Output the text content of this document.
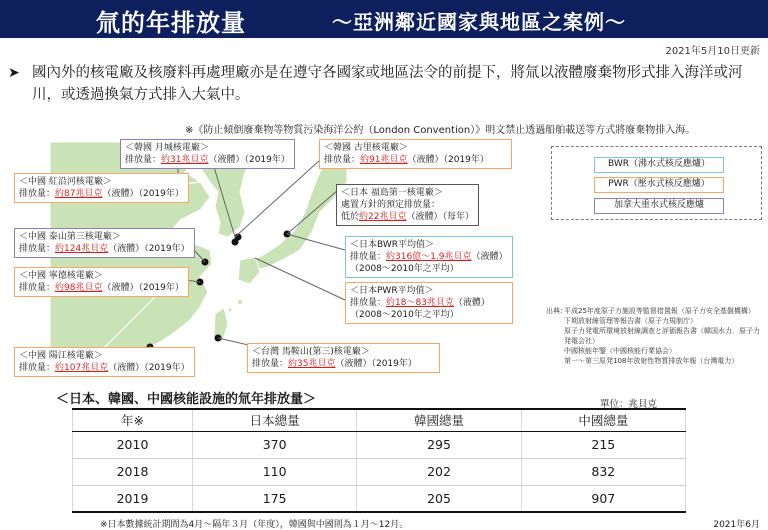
氚的年排放量	～亞洲鄰近國家與地區之案例～
2021年5月10日更新
➤ 國內外的核電廠及核廢料再處理廠亦是在遵守各國家或地區法令的前提下，將氚以液體廢棄物形式排入海洋或河川，或透過換氣方式排入大氣中。
※《防止傾倒廢棄物等物質污染海洋公約（London Convention）》明文禁止透過船舶載送等方式將廢棄物排入海。
＜韓國 月城核電廠＞
排放量：約31兆貝克（液體）（2019年）
＜韓國 古里核電廠＞
排放量：約91兆貝克（液體）（2019年）
＜中國 紅沿河核電廠＞
排放量：約87兆貝克（液體）（2019年）	＜日本 福島第一核電廠＞
處置方針的預定排放量：
低於約22兆貝克（液體）（每年）
＜中國 泰山第三核電廠＞
排放量：約124兆貝克（液體）（2019年）	＜日本BWR平均值＞
排放量：約316億～1.9兆貝克（液體）
（2008～2010年之平均）
＜中國 寧德核電廠＞
排放量：約98兆貝克（液體）（2019年）	＜日本PWR平均值＞
排放量：約18～83兆貝克（液體）
（2008～2010年之平均）
＜中國 陽江核電廠＞
排放量：約107兆貝克（液體）（2019年）
＜台灣 馬鞍山(第三)核電廠＞
排放量：約35兆貝克（液體）（2019年）
BWR（沸水式核反應爐）
PWR（壓水式核反應爐）
加拿大重水式核反應爐
出典：
平成25年度原子力施設等監督措置報（原子力安全基盤機構）
下期放射線管理等報告書（原子力規制庁）
原子力発電所環境放射線調查と評価報告書（韓国水力．原子力発電会社）
中國核能年鑒（中國核能行業協会）
第一～第三原発108年放射性物質排放年報（台灣電力）
＜日本、韓國、中國核能設施的氚年排放量＞	單位：兆貝克
年※	日本總量	韓國總量	中國總量
2010	370	295	215
2018	110	202	832
2019	175	205	907
※日本數據統計期間為4月～隔年３月（年度），韓國與中國則為１月～12月。	2021年6月
